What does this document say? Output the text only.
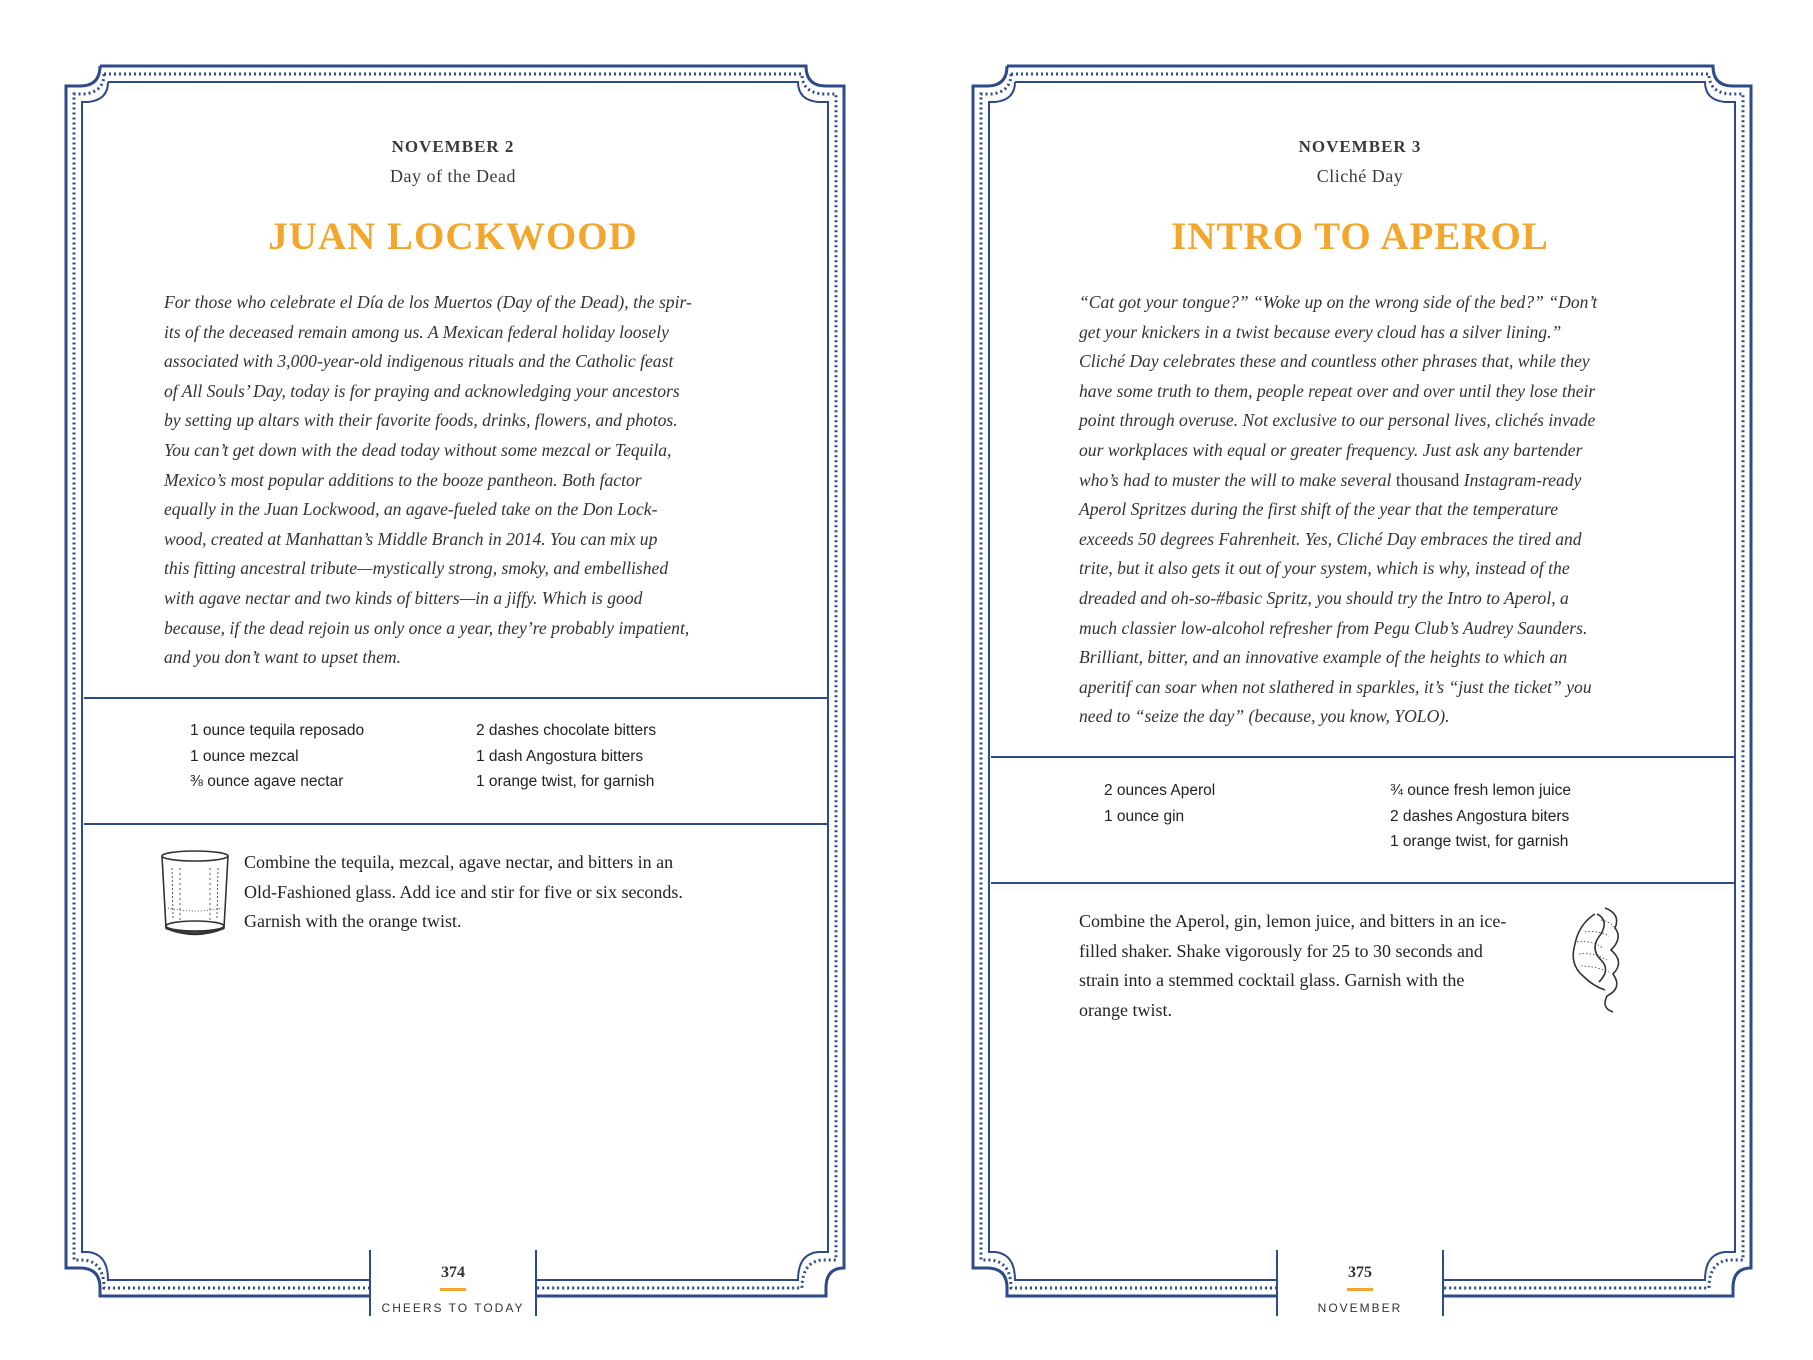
NOVEMBER 2
Day of the Dead
JUAN LOCKWOOD
For those who celebrate el Día de los Muertos (Day of the Dead), the spir-
its of the deceased remain among us. A Mexican federal holiday loosely
associated with 3,000-year-old indigenous rituals and the Catholic feast
of All Souls’ Day, today is for praying and acknowledging your ancestors
by setting up altars with their favorite foods, drinks, flowers, and photos.
You can’t get down with the dead today without some mezcal or Tequila,
Mexico’s most popular additions to the booze pantheon. Both factor
equally in the Juan Lockwood, an agave-fueled take on the Don Lock-
wood, created at Manhattan’s Middle Branch in 2014. You can mix up
this fitting ancestral tribute—mystically strong, smoky, and embellished
with agave nectar and two kinds of bitters—in a jiffy. Which is good
because, if the dead rejoin us only once a year, they’re probably impatient,
and you don’t want to upset them.
1 ounce tequila reposado
1 ounce mezcal
⅜ ounce agave nectar
2 dashes chocolate bitters
1 dash Angostura bitters
1 orange twist, for garnish
Combine the tequila, mezcal, agave nectar, and bitters in an
Old-Fashioned glass. Add ice and stir for five or six seconds.
Garnish with the orange twist.
374
CHEERS TO TODAY
NOVEMBER 3
Cliché Day
INTRO TO APEROL
“Cat got your tongue?” “Woke up on the wrong side of the bed?” “Don’t
get your knickers in a twist because every cloud has a silver lining.”
Cliché Day celebrates these and countless other phrases that, while they
have some truth to them, people repeat over and over until they lose their
point through overuse. Not exclusive to our personal lives, clichés invade
our workplaces with equal or greater frequency. Just ask any bartender
who’s had to muster the will to make several thousand Instagram-ready
Aperol Spritzes during the first shift of the year that the temperature
exceeds 50 degrees Fahrenheit. Yes, Cliché Day embraces the tired and
trite, but it also gets it out of your system, which is why, instead of the
dreaded and oh-so-#basic Spritz, you should try the Intro to Aperol, a
much classier low-alcohol refresher from Pegu Club’s Audrey Saunders.
Brilliant, bitter, and an innovative example of the heights to which an
aperitif can soar when not slathered in sparkles, it’s “just the ticket” you
need to “seize the day” (because, you know, YOLO).
2 ounces Aperol
1 ounce gin
¾ ounce fresh lemon juice
2 dashes Angostura biters
1 orange twist, for garnish
Combine the Aperol, gin, lemon juice, and bitters in an ice-
filled shaker. Shake vigorously for 25 to 30 seconds and
strain into a stemmed cocktail glass. Garnish with the
orange twist.
375
NOVEMBER
